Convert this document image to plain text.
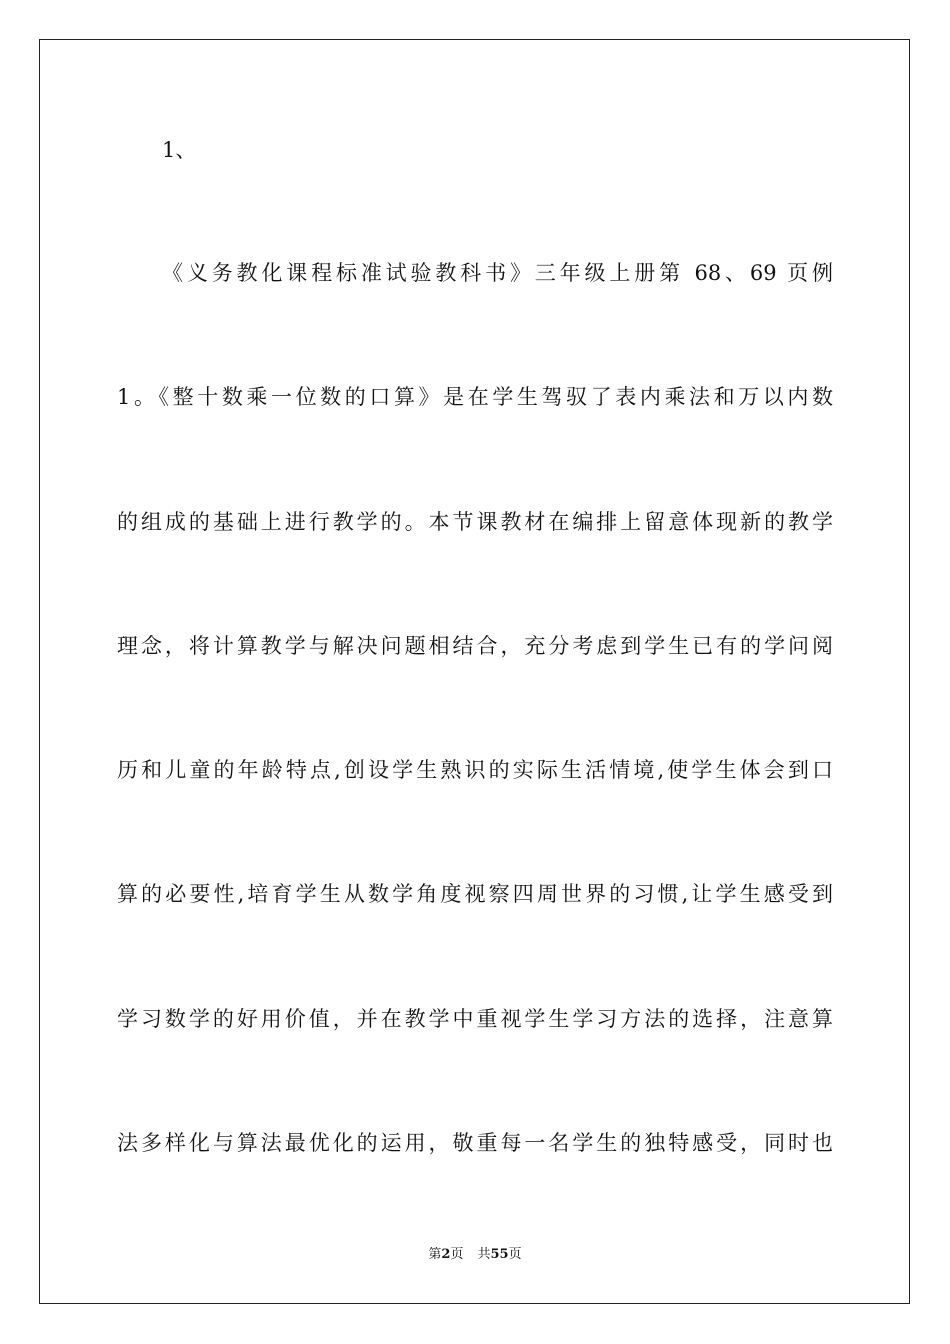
1、
《义务教化课程标准试验教科书》三年级上册第 68、69 页例
1。《整十数乘一位数的口算》是在学生驾驭了表内乘法和万以内数
的组成的基础上进行教学的。本节课教材在编排上留意体现新的教学
理念，将计算教学与解决问题相结合，充分考虑到学生已有的学问阅
历和儿童的年龄特点,创设学生熟识的实际生活情境,使学生体会到口
算的必要性,培育学生从数学角度视察四周世界的习惯,让学生感受到
学习数学的好用价值，并在教学中重视学生学习方法的选择，注意算
法多样化与算法最优化的运用，敬重每一名学生的独特感受，同时也
第2页 共55页
